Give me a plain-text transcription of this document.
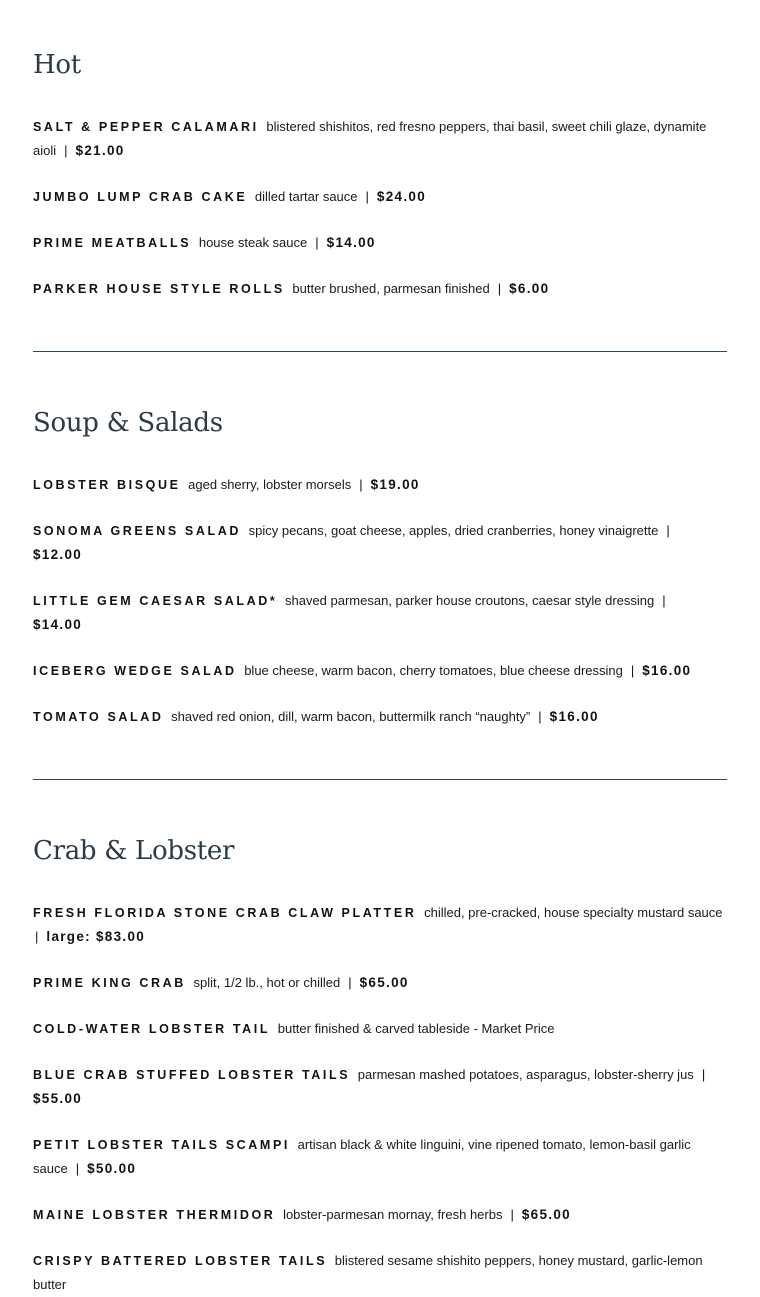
Hot

SALT & PEPPER CALAMARI blistered shishitos, red fresno peppers, thai basil, sweet chili glaze, dynamite aioli | $21.00

JUMBO LUMP CRAB CAKE dilled tartar sauce | $24.00

PRIME MEATBALLS house steak sauce | $14.00

PARKER HOUSE STYLE ROLLS butter brushed, parmesan finished | $6.00

Soup & Salads

LOBSTER BISQUE aged sherry, lobster morsels | $19.00

SONOMA GREENS SALAD spicy pecans, goat cheese, apples, dried cranberries, honey vinaigrette |
$12.00

LITTLE GEM CAESAR SALAD* shaved parmesan, parker house croutons, caesar style dressing |
$14.00

ICEBERG WEDGE SALAD blue cheese, warm bacon, cherry tomatoes, blue cheese dressing | $16.00

TOMATO SALAD shaved red onion, dill, warm bacon, buttermilk ranch “naughty” | $16.00

Crab & Lobster

FRESH FLORIDA STONE CRAB CLAW PLATTER chilled, pre-cracked, house specialty mustard sauce
| large: $83.00

PRIME KING CRAB split, 1/2 lb., hot or chilled | $65.00

COLD-WATER LOBSTER TAIL butter finished & carved tableside - Market Price

BLUE CRAB STUFFED LOBSTER TAILS parmesan mashed potatoes, asparagus, lobster-sherry jus |
$55.00

PETIT LOBSTER TAILS SCAMPI artisan black & white linguini, vine ripened tomato, lemon-basil garlic sauce | $50.00

MAINE LOBSTER THERMIDOR lobster-parmesan mornay, fresh herbs | $65.00

CRISPY BATTERED LOBSTER TAILS blistered sesame shishito peppers, honey mustard, garlic-lemon butter
